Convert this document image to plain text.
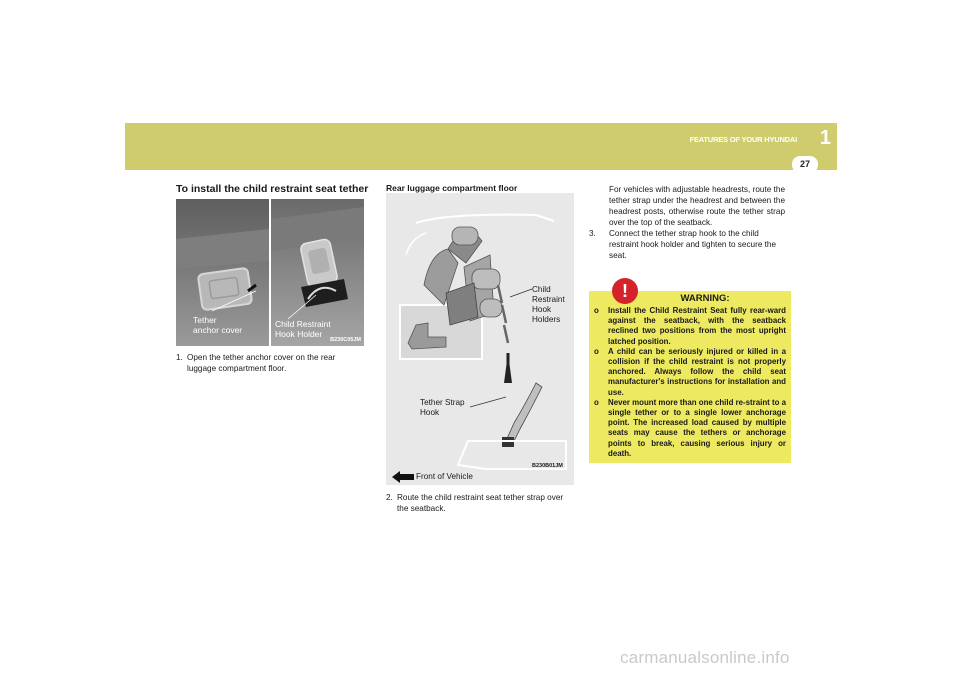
FEATURES OF YOUR HYUNDAI 1
27
To install the child restraint seat tether
Tether
anchor cover
Child Restraint
Hook Holder
B230C05JM
1. Open the tether anchor cover on the rear luggage compartment floor.
Rear luggage compartment floor
Child
Restraint
Hook
Holders
Tether Strap
Hook
B230B01JM
Front of Vehicle
2. Route the child restraint seat tether strap over the seatback.
For vehicles with adjustable headrests, route the tether strap under the headrest and between the headrest posts, otherwise route the tether strap over the top of the seatback.
3.	Connect the tether strap hook to the child restraint hook holder and tighten to secure the seat.
WARNING:
o Install the Child Restraint Seat fully rear-ward against the seatback, with the seatback reclined two positions from the most upright latched position.
o A child can be seriously injured or killed in a collision if the child restraint is not properly anchored. Always follow the child seat manufacturer's instructions for installation and use.
o Never mount more than one child re-straint to a single tether or to a single lower anchorage point. The increased load caused by multiple seats may cause the tethers or anchorage points to break, causing serious injury or death.
!
carmanualsonline.info
